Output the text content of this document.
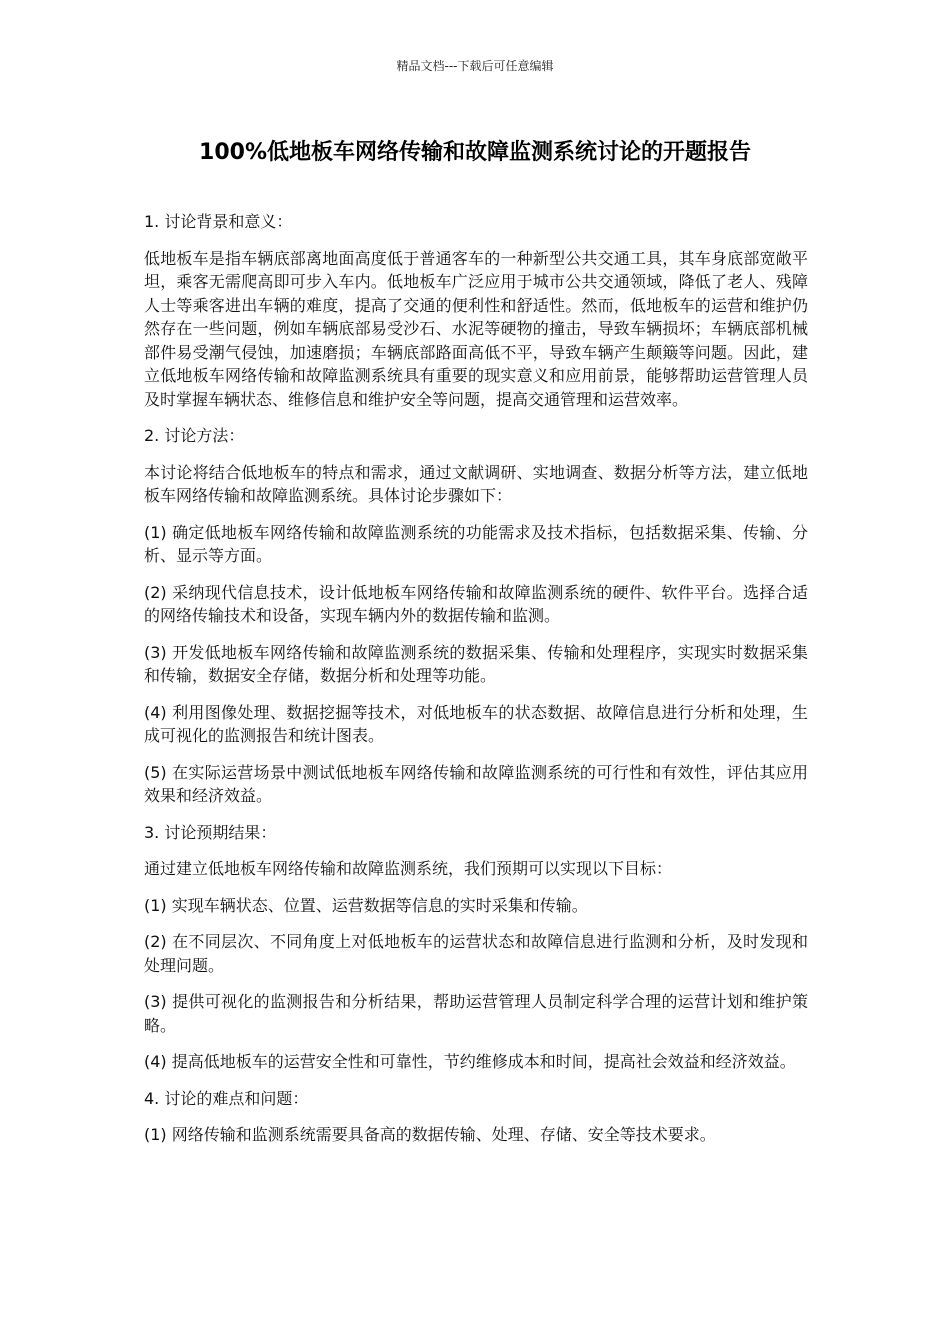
精品文档---下载后可任意编辑
100%低地板车网络传输和故障监测系统讨论的开题报告

1. 讨论背景和意义：

低地板车是指车辆底部离地面高度低于普通客车的一种新型公共交通工具，其车身底部宽敞平坦，乘客无需爬高即可步入车内。低地板车广泛应用于城市公共交通领域，降低了老人、残障人士等乘客进出车辆的难度，提高了交通的便利性和舒适性。然而，低地板车的运营和维护仍然存在一些问题，例如车辆底部易受沙石、水泥等硬物的撞击，导致车辆损坏；车辆底部机械部件易受潮气侵蚀，加速磨损；车辆底部路面高低不平，导致车辆产生颠簸等问题。因此，建立低地板车网络传输和故障监测系统具有重要的现实意义和应用前景，能够帮助运营管理人员及时掌握车辆状态、维修信息和维护安全等问题，提高交通管理和运营效率。

2. 讨论方法：

本讨论将结合低地板车的特点和需求，通过文献调研、实地调查、数据分析等方法，建立低地板车网络传输和故障监测系统。具体讨论步骤如下：

(1) 确定低地板车网络传输和故障监测系统的功能需求及技术指标，包括数据采集、传输、分析、显示等方面。

(2) 采纳现代信息技术，设计低地板车网络传输和故障监测系统的硬件、软件平台。选择合适的网络传输技术和设备，实现车辆内外的数据传输和监测。

(3) 开发低地板车网络传输和故障监测系统的数据采集、传输和处理程序，实现实时数据采集和传输，数据安全存储，数据分析和处理等功能。

(4) 利用图像处理、数据挖掘等技术，对低地板车的状态数据、故障信息进行分析和处理，生成可视化的监测报告和统计图表。

(5) 在实际运营场景中测试低地板车网络传输和故障监测系统的可行性和有效性，评估其应用效果和经济效益。

3. 讨论预期结果：

通过建立低地板车网络传输和故障监测系统，我们预期可以实现以下目标：

(1) 实现车辆状态、位置、运营数据等信息的实时采集和传输。

(2) 在不同层次、不同角度上对低地板车的运营状态和故障信息进行监测和分析，及时发现和处理问题。

(3) 提供可视化的监测报告和分析结果，帮助运营管理人员制定科学合理的运营计划和维护策略。

(4) 提高低地板车的运营安全性和可靠性，节约维修成本和时间，提高社会效益和经济效益。

4. 讨论的难点和问题：

(1) 网络传输和监测系统需要具备高的数据传输、处理、存储、安全等技术要求。
